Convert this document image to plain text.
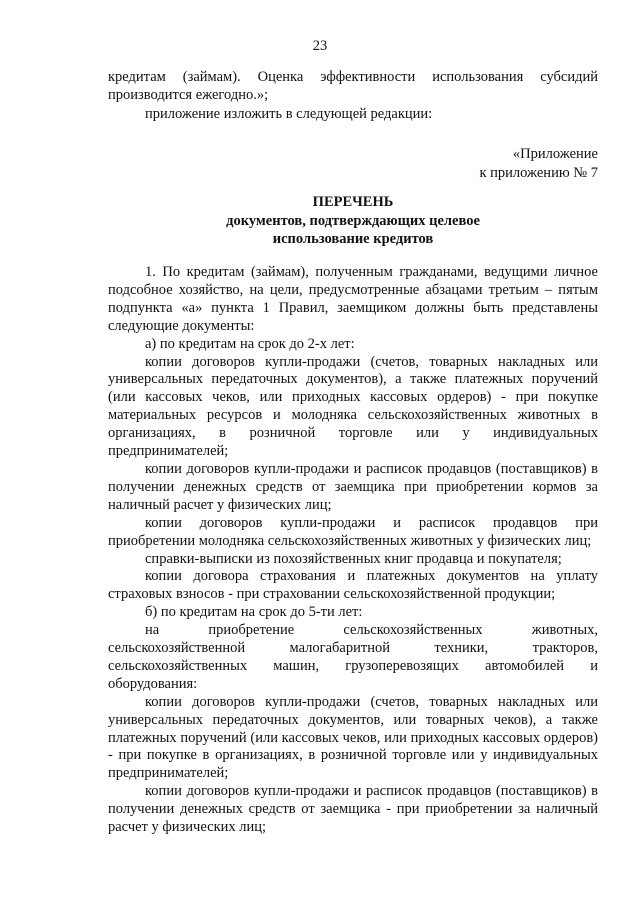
23

кредитам (займам). Оценка эффективности использования субсидий

производится ежегодно.»;

приложение изложить в следующей редакции:

«Приложение
к приложению № 7
ПЕРЕЧЕНЬ
документов, подтверждающих целевое
использование кредитов

1. По кредитам (займам), полученным гражданами, ведущими личное подсобное хозяйство, на цели, предусмотренные абзацами третьим – пятым подпункта «а» пункта 1 Правил, заемщиком должны быть представлены следующие документы:

а) по кредитам на срок до 2-х лет:

копии договоров купли-продажи (счетов, товарных накладных или универсальных передаточных документов), а также платежных поручений (или кассовых чеков, или приходных кассовых ордеров) - при покупке материальных ресурсов и молодняка сельскохозяйственных животных в организациях, в розничной торговле или у индивидуальных предпринимателей;

копии договоров купли-продажи и расписок продавцов (поставщиков) в получении денежных средств от заемщика при приобретении кормов за наличный расчет у физических лиц;

копии договоров купли-продажи и расписок продавцов при приобретении молодняка сельскохозяйственных животных у физических лиц;

справки-выписки из похозяйственных книг продавца и покупателя;

копии договора страхования и платежных документов на уплату страховых взносов - при страховании сельскохозяйственной продукции;

б) по кредитам на срок до 5-ти лет:

на приобретение сельскохозяйственных животных, сельскохозяйственной малогабаритной техники, тракторов, сельскохозяйственных машин, грузоперевозящих автомобилей и оборудования:

копии договоров купли-продажи (счетов, товарных накладных или универсальных передаточных документов, или товарных чеков), а также платежных поручений (или кассовых чеков, или приходных кассовых ордеров) - при покупке в организациях, в розничной торговле или у индивидуальных предпринимателей;

копии договоров купли-продажи и расписок продавцов (поставщиков) в получении денежных средств от заемщика - при приобретении за наличный расчет у физических лиц;
